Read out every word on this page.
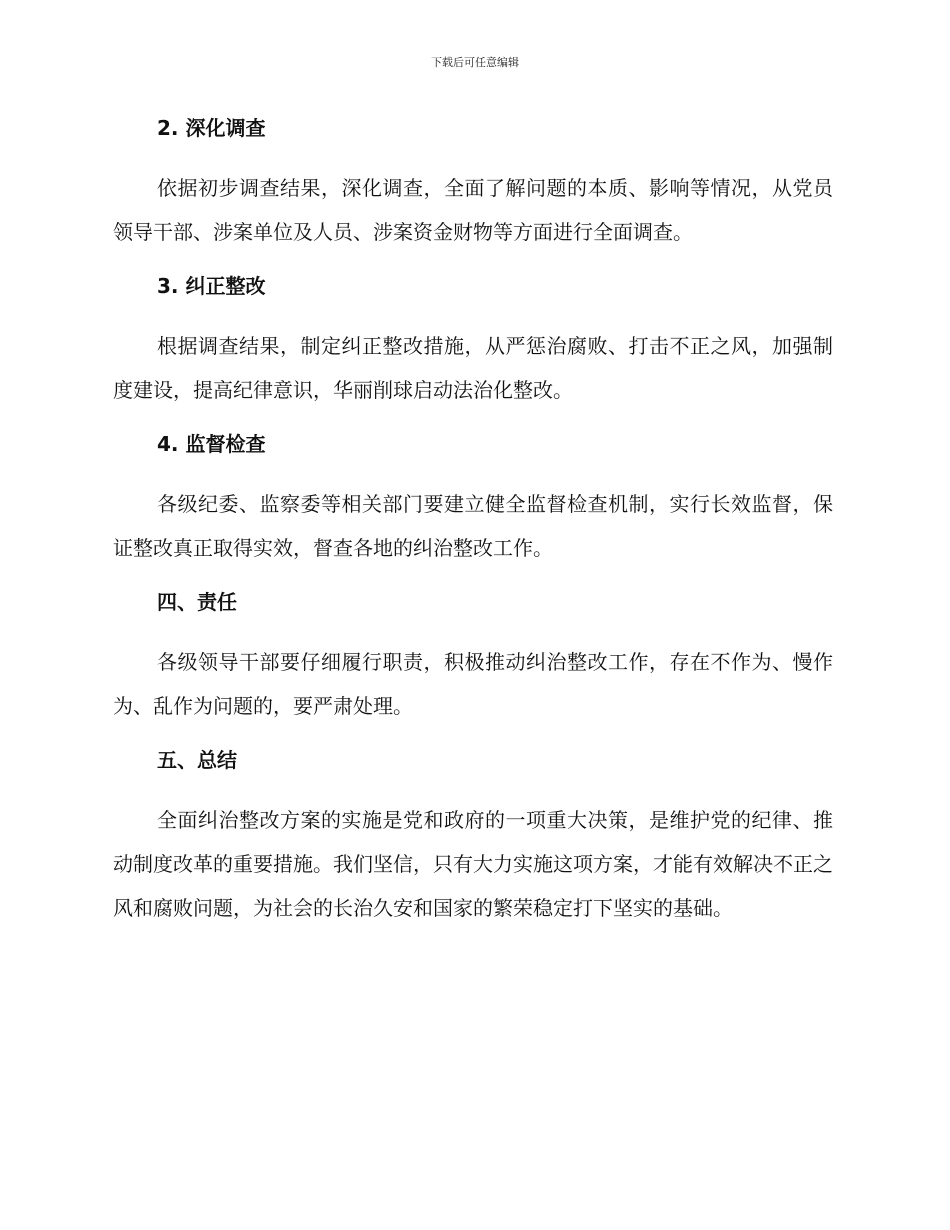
下载后可任意编辑
2. 深化调查

依据初步调查结果，深化调查，全面了解问题的本质、影响等情况，从党员领导干部、涉案单位及人员、涉案资金财物等方面进行全面调查。

3. 纠正整改

根据调查结果，制定纠正整改措施，从严惩治腐败、打击不正之风，加强制度建设，提高纪律意识，华丽削球启动法治化整改。

4. 监督检查

各级纪委、监察委等相关部门要建立健全监督检查机制，实行长效监督，保证整改真正取得实效，督查各地的纠治整改工作。

四、责任

各级领导干部要仔细履行职责，积极推动纠治整改工作，存在不作为、慢作为、乱作为问题的，要严肃处理。

五、总结

全面纠治整改方案的实施是党和政府的一项重大决策，是维护党的纪律、推动制度改革的重要措施。我们坚信，只有大力实施这项方案，才能有效解决不正之风和腐败问题，为社会的长治久安和国家的繁荣稳定打下坚实的基础。
